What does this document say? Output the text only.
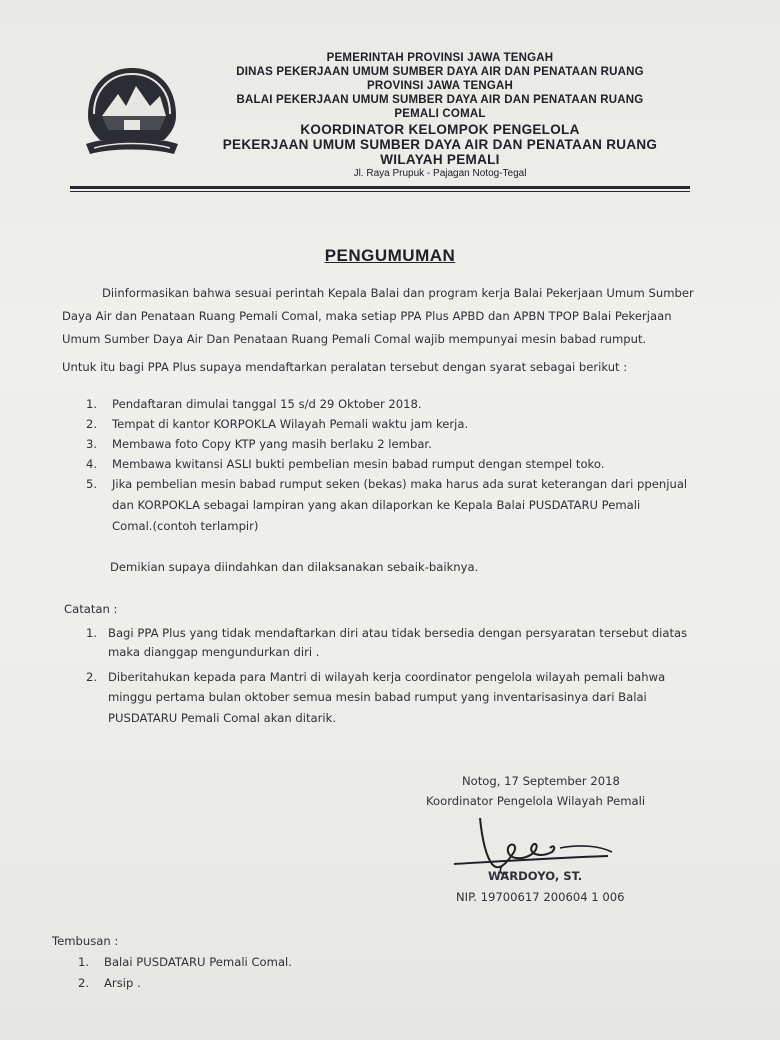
PEMERINTAH PROVINSI JAWA TENGAH
DINAS PEKERJAAN UMUM SUMBER DAYA AIR DAN PENATAAN RUANG
PROVINSI JAWA TENGAH
BALAI PEKERJAAN UMUM SUMBER DAYA AIR DAN PENATAAN RUANG
PEMALI COMAL
KOORDINATOR KELOMPOK PENGELOLA
PEKERJAAN UMUM SUMBER DAYA AIR DAN PENATAAN RUANG
WILAYAH PEMALI
Jl. Raya Prupuk - Pajagan Notog-Tegal
PENGUMUMAN
Diinformasikan bahwa sesuai perintah Kepala Balai dan program kerja Balai Pekerjaan Umum Sumber
Daya Air dan Penataan Ruang Pemali Comal, maka setiap PPA Plus APBD dan APBN TPOP Balai Pekerjaan
Umum Sumber Daya Air Dan Penataan Ruang Pemali Comal wajib mempunyai mesin babad rumput.
Untuk itu bagi PPA Plus supaya mendaftarkan peralatan tersebut dengan syarat sebagai berikut :
1. Pendaftaran dimulai tanggal 15 s/d 29 Oktober 2018.
2. Tempat di kantor KORPOKLA Wilayah Pemali waktu jam kerja.
3. Membawa foto Copy KTP yang masih berlaku 2 lembar.
4. Membawa kwitansi ASLI bukti pembelian mesin babad rumput dengan stempel toko.
5. Jika pembelian mesin babad rumput seken (bekas) maka harus ada surat keterangan dari ppenjual
dan KORPOKLA sebagai lampiran yang akan dilaporkan ke Kepala Balai PUSDATARU Pemali
Comal.(contoh terlampir)
Demikian supaya diindahkan dan dilaksanakan sebaik-baiknya.
Catatan :
1. Bagi PPA Plus yang tidak mendaftarkan diri atau tidak bersedia dengan persyaratan tersebut diatas
maka dianggap mengundurkan diri .
2. Diberitahukan kepada para Mantri di wilayah kerja coordinator pengelola wilayah pemali bahwa
minggu pertama bulan oktober semua mesin babad rumput yang inventarisasinya dari Balai
PUSDATARU Pemali Comal akan ditarik.
Notog, 17 September 2018
Koordinator Pengelola Wilayah Pemali
WARDOYO, ST.
NIP. 19700617 200604 1 006
Tembusan :
1. Balai PUSDATARU Pemali Comal.
2. Arsip .
